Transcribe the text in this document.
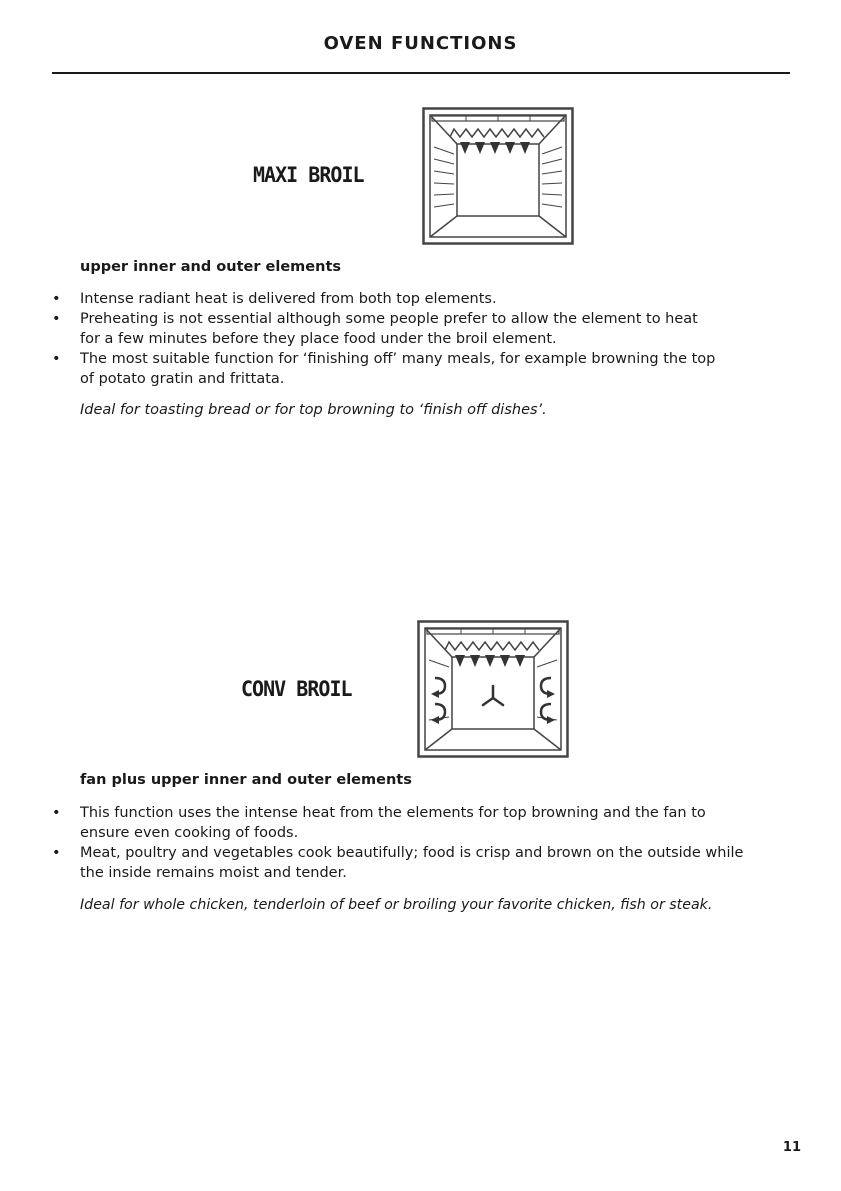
OVEN FUNCTIONS
MAXI BROIL
upper inner and outer elements
• Intense radiant heat is delivered from both top elements.
• Preheating is not essential although some people prefer to allow the element to heat for a few minutes before they place food under the broil element.
• The most suitable function for ‘finishing off’ many meals, for example browning the top of potato gratin and frittata.
Ideal for toasting bread or for top browning to ‘finish off dishes’.
CONV BROIL
fan plus upper inner and outer elements
• This function uses the intense heat from the elements for top browning and the fan to ensure even cooking of foods.
• Meat, poultry and vegetables cook beautifully; food is crisp and brown on the outside while the inside remains moist and tender.
Ideal for whole chicken, tenderloin of beef or broiling your favorite chicken, fish or steak.
11
